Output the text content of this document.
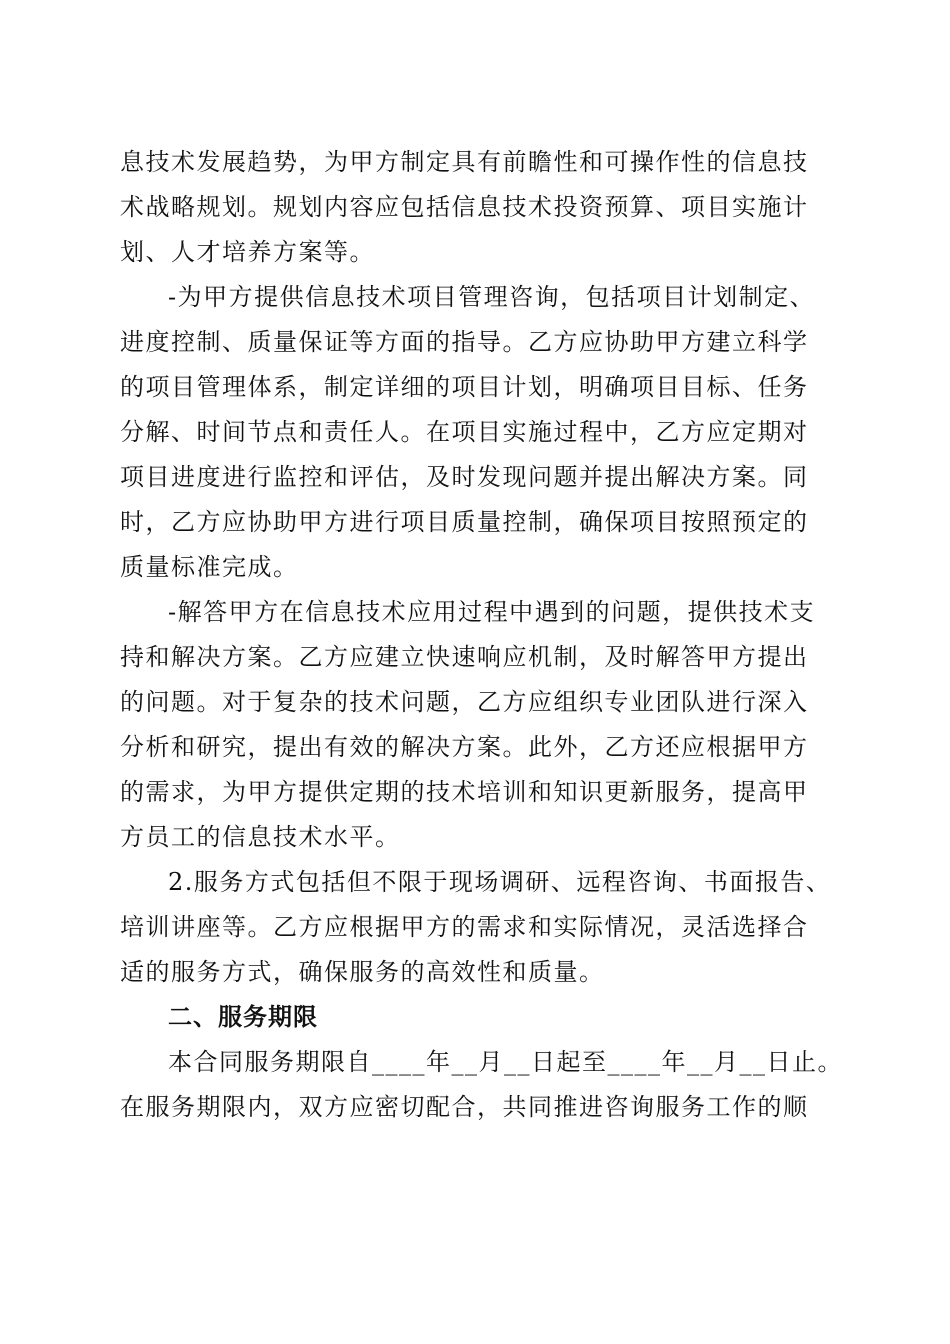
息技术发展趋势，为甲方制定具有前瞻性和可操作性的信息技
术战略规划。规划内容应包括信息技术投资预算、项目实施计
划、人才培养方案等。
-为甲方提供信息技术项目管理咨询，包括项目计划制定、
进度控制、质量保证等方面的指导。乙方应协助甲方建立科学
的项目管理体系，制定详细的项目计划，明确项目目标、任务
分解、时间节点和责任人。在项目实施过程中，乙方应定期对
项目进度进行监控和评估，及时发现问题并提出解决方案。同
时，乙方应协助甲方进行项目质量控制，确保项目按照预定的
质量标准完成。
-解答甲方在信息技术应用过程中遇到的问题，提供技术支
持和解决方案。乙方应建立快速响应机制，及时解答甲方提出
的问题。对于复杂的技术问题，乙方应组织专业团队进行深入
分析和研究，提出有效的解决方案。此外，乙方还应根据甲方
的需求，为甲方提供定期的技术培训和知识更新服务，提高甲
方员工的信息技术水平。
2.服务方式包括但不限于现场调研、远程咨询、书面报告、
培训讲座等。乙方应根据甲方的需求和实际情况，灵活选择合
适的服务方式，确保服务的高效性和质量。
二、服务期限
本合同服务期限自____年__月__日起至____年__月__日止。
在服务期限内，双方应密切配合，共同推进咨询服务工作的顺
